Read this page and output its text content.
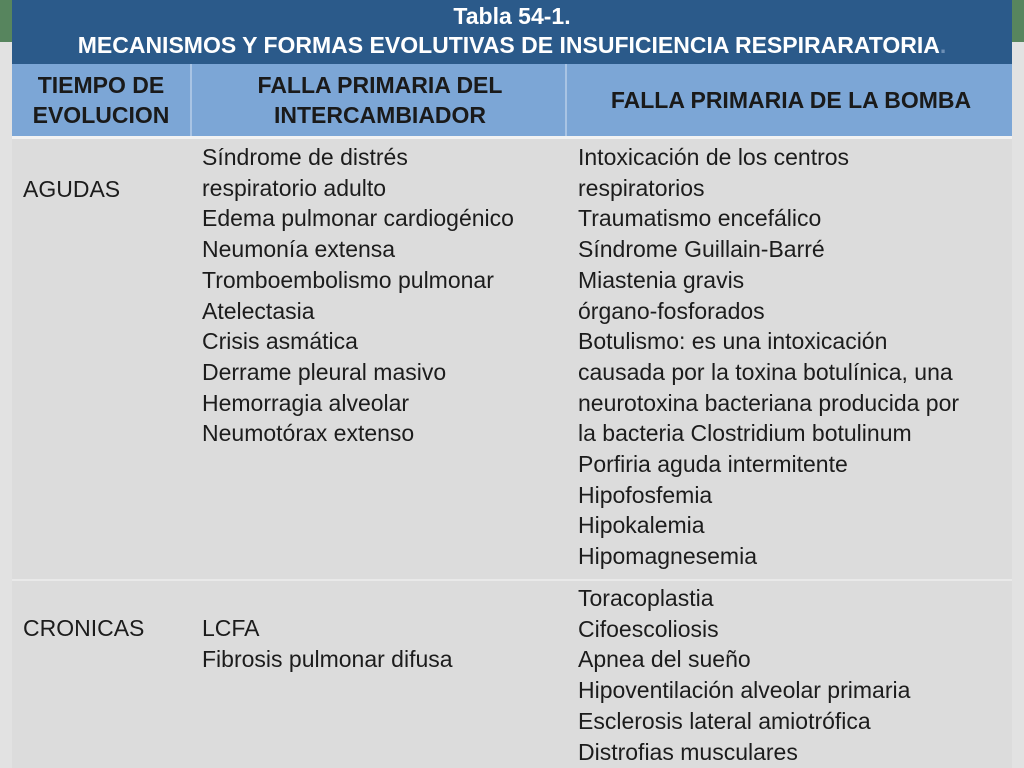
Tabla 54-1.
MECANISMOS Y FORMAS EVOLUTIVAS DE INSUFICIENCIA RESPIRARATORIA.
TIEMPO DE
EVOLUCION
FALLA PRIMARIA DEL
INTERCAMBIADOR
FALLA PRIMARIA DE LA BOMBA
AGUDAS
Síndrome de distrés
respiratorio adulto
Edema pulmonar cardiogénico
Neumonía extensa
Tromboembolismo pulmonar
Atelectasia
Crisis asmática
Derrame pleural masivo
Hemorragia alveolar
Neumotórax extenso
Intoxicación de los centros
respiratorios
Traumatismo encefálico
Síndrome Guillain-Barré
Miastenia gravis
órgano-fosforados
Botulismo: es una intoxicación
causada por la toxina botulínica, una
neurotoxina bacteriana producida por
la bacteria Clostridium botulinum
Porfiria aguda intermitente
Hipofosfemia
Hipokalemia
Hipomagnesemia
CRONICAS	LCFA
Fibrosis pulmonar difusa
Toracoplastia
Cifoescoliosis
Apnea del sueño
Hipoventilación alveolar primaria
Esclerosis lateral amiotrófica
Distrofias musculares
